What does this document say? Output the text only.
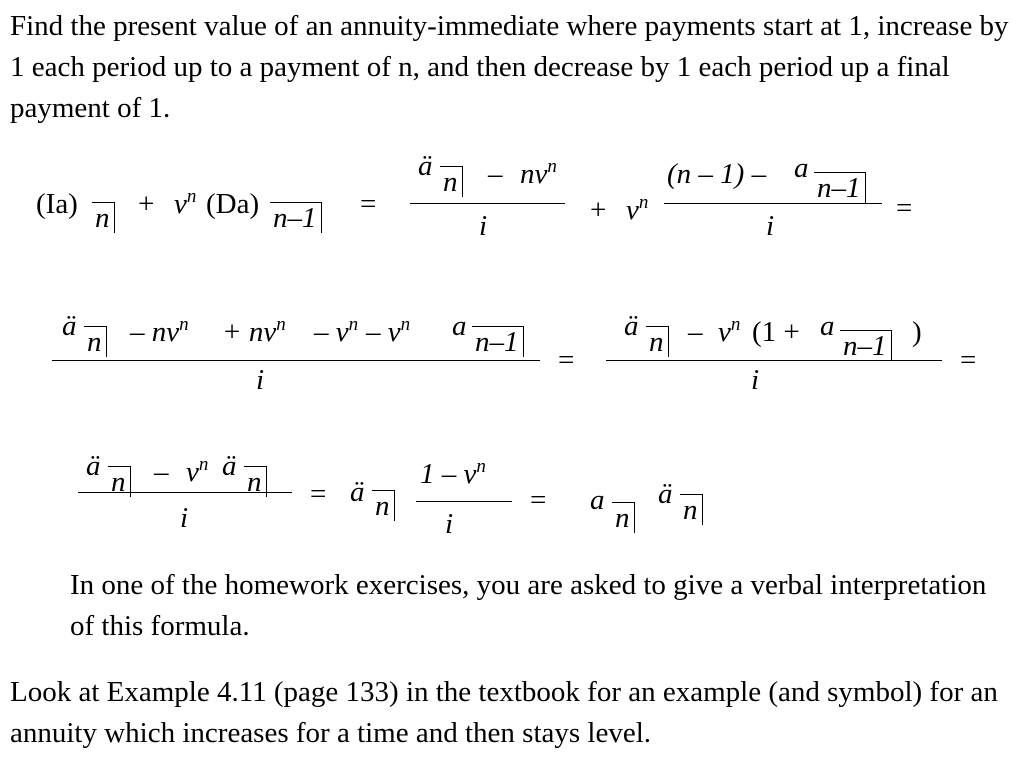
Find the present value of an annuity-immediate where payments start at 1, increase by 1 each period up to a payment of n, and then decrease by 1 each period up a final payment of 1.

(Ia) $n + v^n$ (Da) n–1 =
ä n – $nv^n$
i	+ $v^n$
(n – 1) – a
n–1
i
=
ä $n - nv^n + nv^n - v^n - v^n$ a n–1
i
=
ä n – $v^n$ (1 + a
n–1 )
i
=
ä n – $v^n$ ä n
i
= ä n
$1 - v^n$
i
= a
n
ä n

In one of the homework exercises, you are asked to give a verbal interpretation of this formula.

Look at Example 4.11 (page 133) in the textbook for an example (and symbol) for an annuity which increases for a time and then stays level.
